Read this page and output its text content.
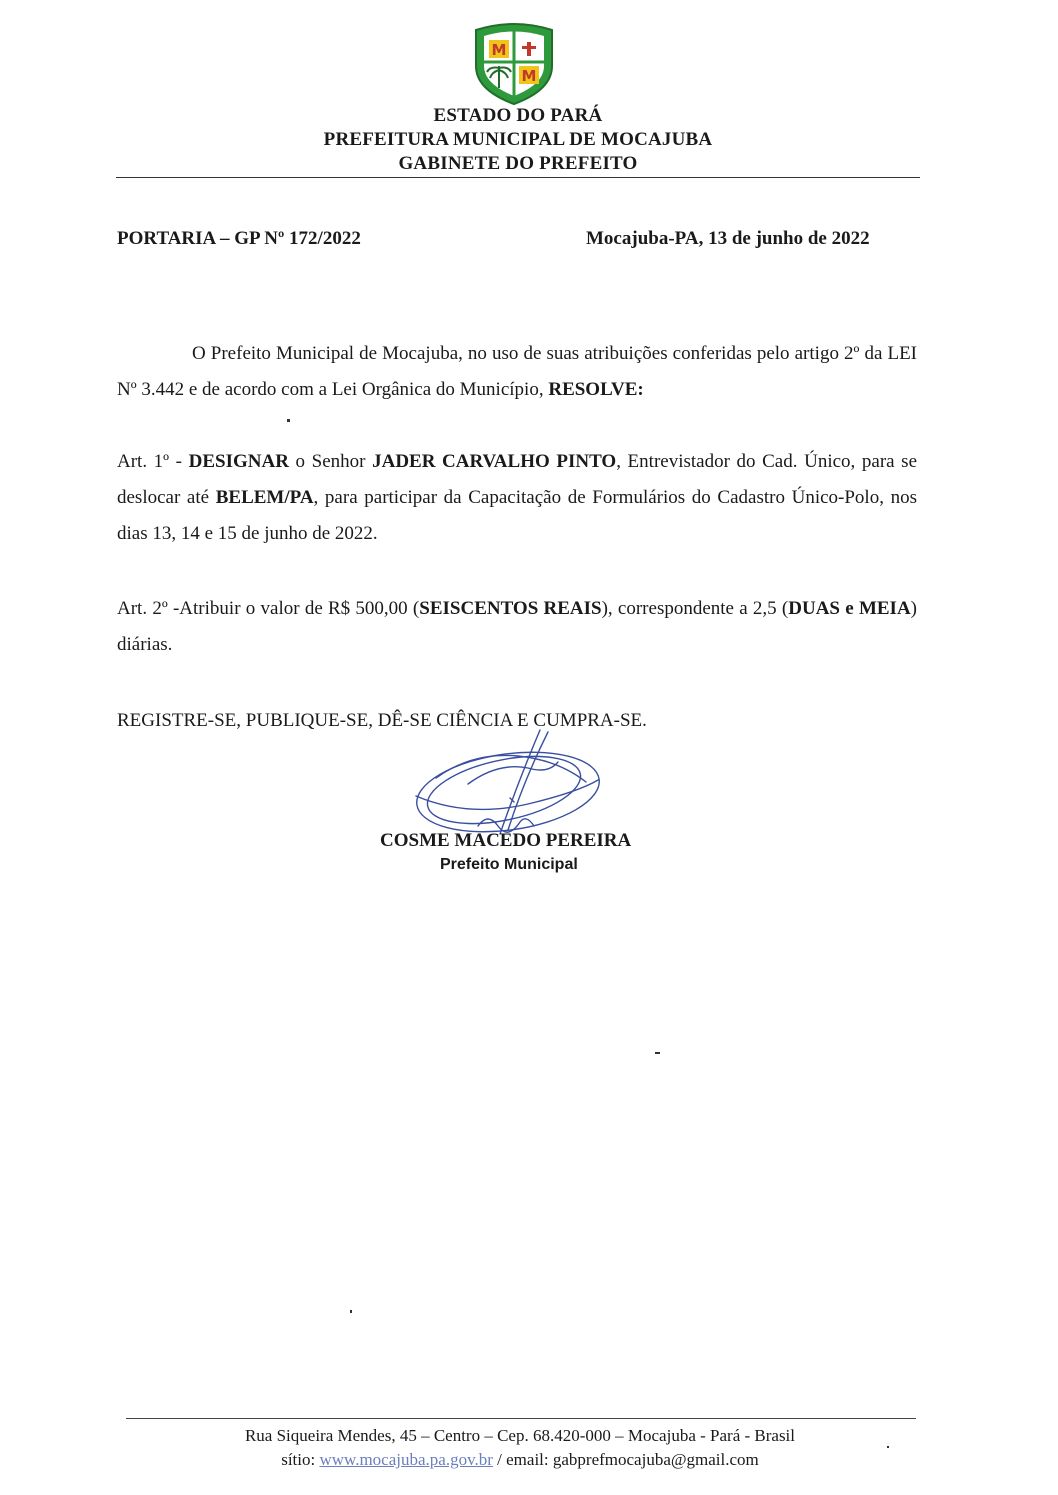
M
M
ESTADO DO PARÁ
PREFEITURA MUNICIPAL DE MOCAJUBA
GABINETE DO PREFEITO
PORTARIA – GP Nº 172/2022	Mocajuba-PA, 13 de junho de 2022
O Prefeito Municipal de Mocajuba, no uso de suas atribuições conferidas pelo artigo 2º da LEI Nº 3.442 e de acordo com a Lei Orgânica do Município, RESOLVE:
Art. 1º - DESIGNAR o Senhor JADER CARVALHO PINTO, Entrevistador do Cad. Único, para se deslocar até BELEM/PA, para participar da Capacitação de Formulários do Cadastro Único-Polo, nos dias 13, 14 e 15 de junho de 2022.
Art. 2º -Atribuir o valor de R$ 500,00 (SEISCENTOS REAIS), correspondente a 2,5 (DUAS e MEIA) diárias.
REGISTRE-SE, PUBLIQUE-SE, DÊ-SE CIÊNCIA E CUMPRA-SE.
COSME MACEDO PEREIRA
Prefeito Municipal
Rua Siqueira Mendes, 45 – Centro – Cep. 68.420-000 – Mocajuba - Pará - Brasil
sítio: www.mocajuba.pa.gov.br / email: gabprefmocajuba@gmail.com
